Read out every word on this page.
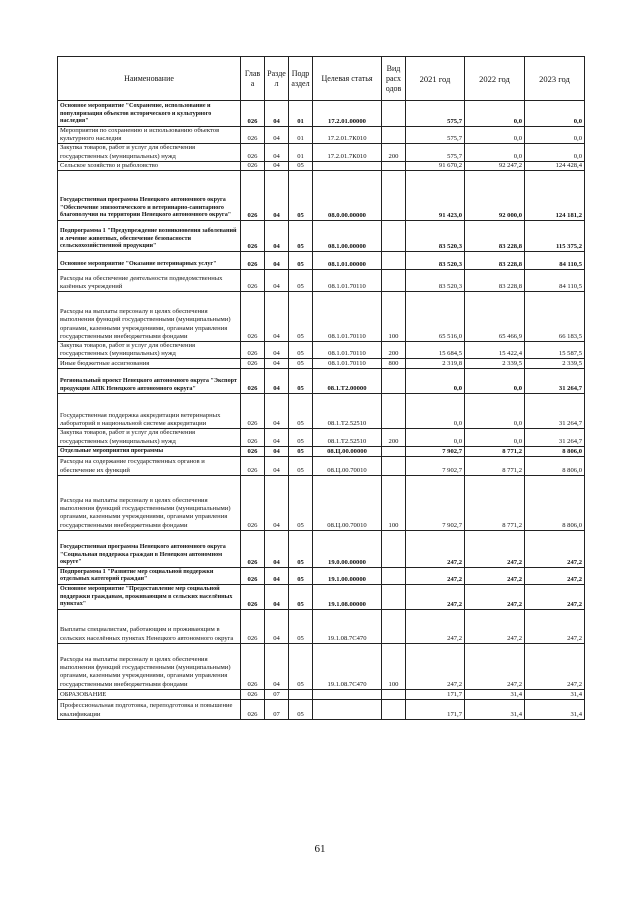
Наименование	Глав а	Разде л	Подр аздел	Целевая статья	Вид расх одов	2021 год	2022 год	2023 год
Основное мероприятие "Сохранение, использование и популяризация объектов исторического и культурного наследия"	026	04	01	17.2.01.00000		575,7	0,0	0,0
Мероприятия по сохранению и использованию объектов культурного наследия	026	04	01	17.2.01.7К010		575,7	0,0	0,0
Закупка товаров, работ и услуг для обеспечения государственных (муниципальных) нужд	026	04	01	17.2.01.7К010	200	575,7	0,0	0,0
Сельское хозяйство и рыболовство	026	04	05			91 670,2	92 247,2	124 428,4
Государственная программа Ненецкого автономного округа "Обеспечение эпизоотического и ветеринарно-санитарного благополучия на территории Ненецкого автономного округа"	026	04	05	08.0.00.00000		91 423,0	92 000,0	124 181,2
Подпрограмма 1 "Предупреждение возникновения заболеваний и лечение животных, обеспечение безопасности сельскохозяйственной продукции"	026	04	05	08.1.00.00000		83 520,3	83 228,8	115 375,2
Основное мероприятие "Оказание ветеринарных услуг"	026	04	05	08.1.01.00000		83 520,3	83 228,8	84 110,5
Расходы на обеспечение деятельности подведомственных казённых учреждений	026	04	05	08.1.01.70110		83 520,3	83 228,8	84 110,5
Расходы на выплаты персоналу в целях обеспечения выполнения функций государственными (муниципальными) органами, казенными учреждениями, органами управления государственными внебюджетными фондами	026	04	05	08.1.01.70110	100	65 516,0	65 466,9	66 183,5
Закупка товаров, работ и услуг для обеспечения государственных (муниципальных) нужд	026	04	05	08.1.01.70110	200	15 684,5	15 422,4	15 587,5
Иные бюджетные ассигнования	026	04	05	08.1.01.70110	800	2 319,8	2 339,5	2 339,5
Региональный проект Ненецкого автономного округа "Экспорт продукции АПК Ненецкого автономного округа"	026	04	05	08.1.Т2.00000		0,0	0,0	31 264,7
Государственная поддержка аккредитации ветеринарных лабораторий в национальной системе аккредитации	026	04	05	08.1.Т2.52510		0,0	0,0	31 264,7
Закупка товаров, работ и услуг для обеспечения государственных (муниципальных) нужд	026	04	05	08.1.Т2.52510	200	0,0	0,0	31 264,7
Отдельные мероприятия программы	026	04	05	08.Ц.00.00000		7 902,7	8 771,2	8 806,0
Расходы на содержание государственных органов и обеспечение их функций	026	04	05	08.Ц.00.70010		7 902,7	8 771,2	8 806,0
Расходы на выплаты персоналу в целях обеспечения выполнения функций государственными (муниципальными) органами, казенными учреждениями, органами управления государственными внебюджетными фондами	026	04	05	08.Ц.00.70010	100	7 902,7	8 771,2	8 806,0
Государственная программа Ненецкого автономного округа "Социальная поддержка граждан в Ненецком автономном округе"	026	04	05	19.0.00.00000		247,2	247,2	247,2
Подпрограмма 1 "Развитие мер социальной поддержки отдельных категорий граждан"	026	04	05	19.1.00.00000		247,2	247,2	247,2
Основное мероприятие "Предоставление мер социальной поддержки гражданам, проживающим в сельских населённых пунктах"	026	04	05	19.1.08.00000		247,2	247,2	247,2
Выплаты специалистам, работающим и проживающим в сельских населённых пунктах Ненецкого автономного округа	026	04	05	19.1.08.7С470		247,2	247,2	247,2
Расходы на выплаты персоналу в целях обеспечения выполнения функций государственными (муниципальными) органами, казенными учреждениями, органами управления государственными внебюджетными фондами	026	04	05	19.1.08.7С470	100	247,2	247,2	247,2
ОБРАЗОВАНИЕ	026	07				171,7	31,4	31,4
Профессиональная подготовка, переподготовка и повышение квалификации	026	07	05			171,7	31,4	31,4
61
